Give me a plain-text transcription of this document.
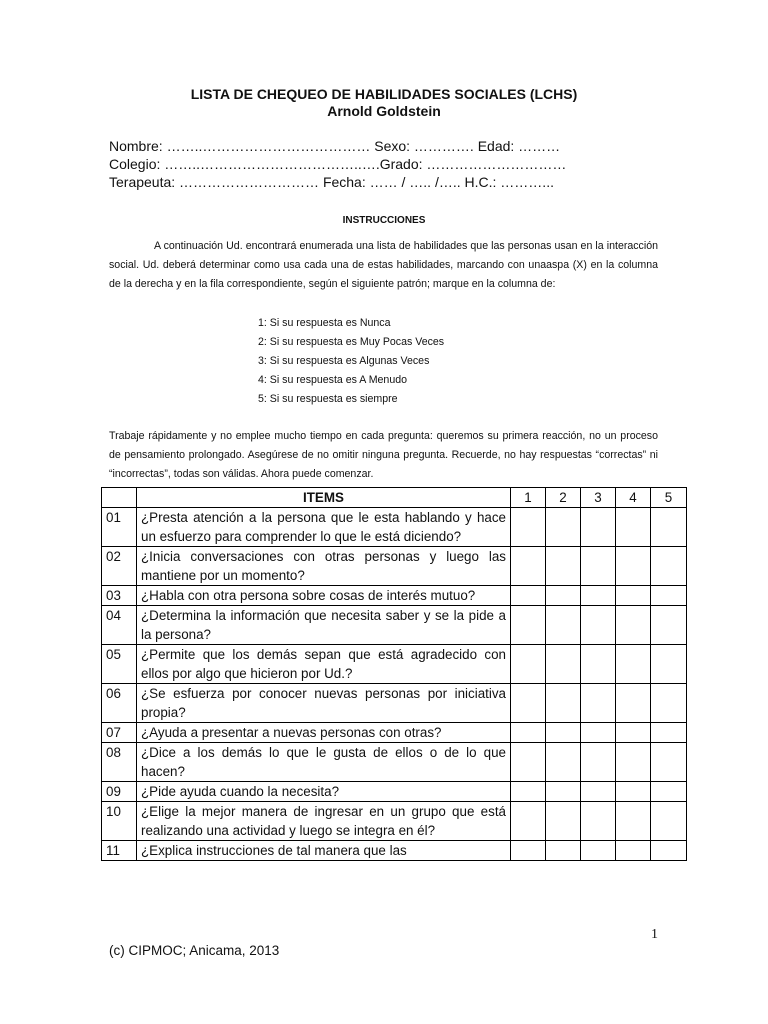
LISTA DE CHEQUEO DE HABILIDADES SOCIALES (LCHS)
Arnold Goldstein
Nombre: ……..……………………………… Sexo: …………. Edad: ………
Colegio: ……..……………………………..….Grado: …………………………
Terapeuta: ………………………… Fecha: …… / ….. /….. H.C.: ………...
INSTRUCCIONES
A continuación Ud. encontrará enumerada una lista de habilidades que las personas usan en la interacción social. Ud. deberá determinar como usa cada una de estas habilidades, marcando con unaaspa (X) en la columna de la derecha y en la fila correspondiente, según el siguiente patrón; marque en la columna de:
1: Si su respuesta es Nunca
2: Si su respuesta es Muy Pocas Veces
3: Si su respuesta es Algunas Veces
4: Si su respuesta es A Menudo
5: Si su respuesta es siempre
Trabaje rápidamente y no emplee mucho tiempo en cada pregunta: queremos su primera reacción, no un proceso de pensamiento prolongado. Asegúrese de no omitir ninguna pregunta. Recuerde, no hay respuestas “correctas” ni “incorrectas”, todas son válidas. Ahora puede comenzar.
	ITEMS	1	2	3	4	5
01	¿Presta atención a la persona que le esta hablando y hace un esfuerzo para comprender lo que le está diciendo?					
02	¿Inicia conversaciones con otras personas y luego las mantiene por un momento?					
03	¿Habla con otra persona sobre cosas de interés mutuo?					
04	¿Determina la información que necesita saber y se la pide a la persona?					
05	¿Permite que los demás sepan que está agradecido con ellos por algo que hicieron por Ud.?					
06	¿Se esfuerza por conocer nuevas personas por iniciativa propia?					
07	¿Ayuda a presentar a nuevas personas con otras?					
08	¿Dice a los demás lo que le gusta de ellos o de lo que hacen?					
09	¿Pide ayuda cuando la necesita?					
10	¿Elige la mejor manera de ingresar en un grupo que está realizando una actividad y luego se integra en él?					
11	¿Explica instrucciones de tal manera que las					

1
(c) CIPMOC; Anicama, 2013
